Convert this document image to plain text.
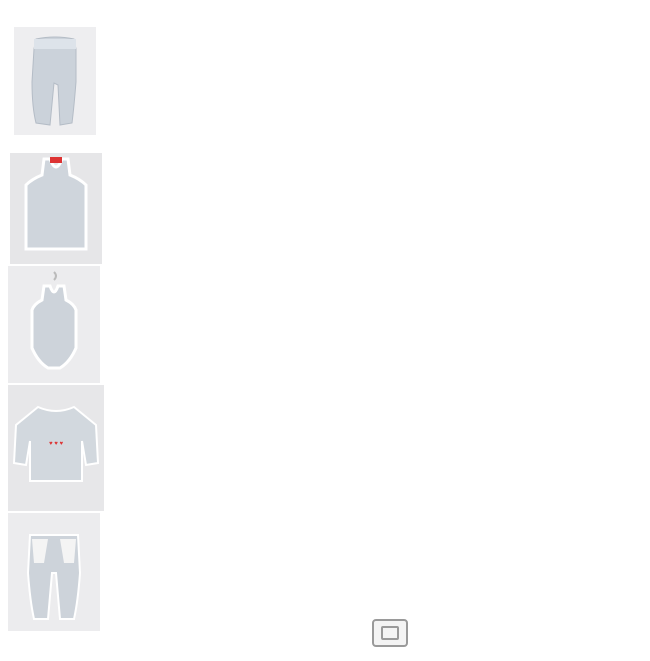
♥ ♥ ♥
